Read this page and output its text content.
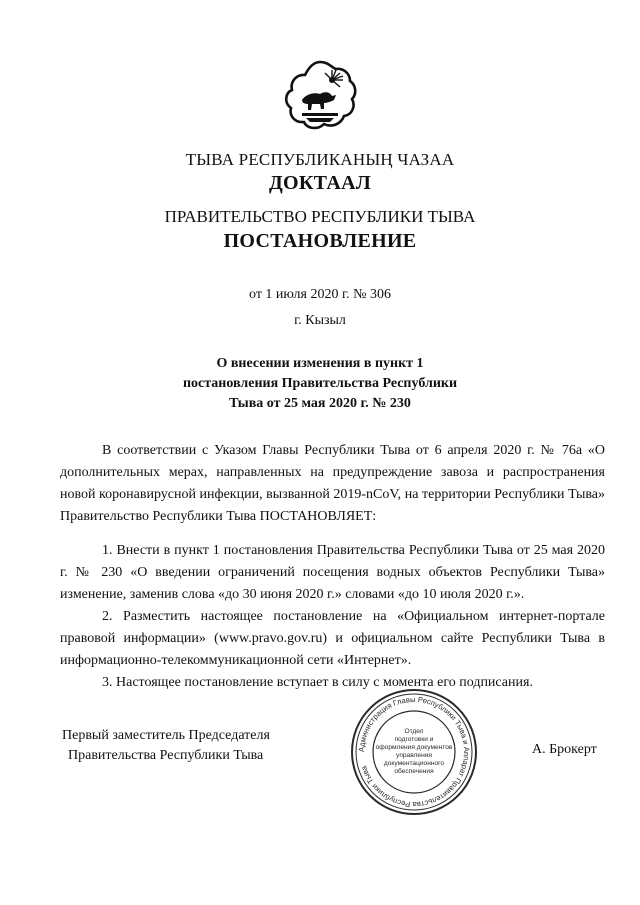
ТЫВА РЕСПУБЛИКАНЫҢ ЧАЗАА
ДОКТААЛ
ПРАВИТЕЛЬСТВО РЕСПУБЛИКИ ТЫВА
ПОСТАНОВЛЕНИЕ
от 1 июля 2020 г. № 306
г. Кызыл
О внесении изменения в пункт 1
постановления Правительства Республики
Тыва от 25 мая 2020 г. № 230

В соответствии с Указом Главы Республики Тыва от 6 апреля 2020 г. № 76а «О дополнительных мерах, направленных на предупреждение завоза и распространения новой коронавирусной инфекции, вызванной 2019-nCoV, на территории Республики Тыва» Правительство Республики Тыва ПОСТАНОВЛЯЕТ:

1. Внести в пункт 1 постановления Правительства Республики Тыва от 25 мая 2020 г. № 230 «О введении ограничений посещения водных объектов Республики Тыва» изменение, заменив слова «до 30 июня 2020 г.» словами «до 10 июля 2020 г.».

2. Разместить настоящее постановление на «Официальном интернет-портале правовой информации» (www.pravo.gov.ru) и официальном сайте Республики Тыва в информационно-телекоммуникационной сети «Интернет».

3. Настоящее постановление вступает в силу с момента его подписания.

Первый заместитель Председателя
Правительства Республики Тыва	Администрация Главы Республики Тыва и Аппарат Правительства Республики Тыва
Отдел
подготовки и
оформления документов
управления
документационного
обеспечения
А. Брокерт
